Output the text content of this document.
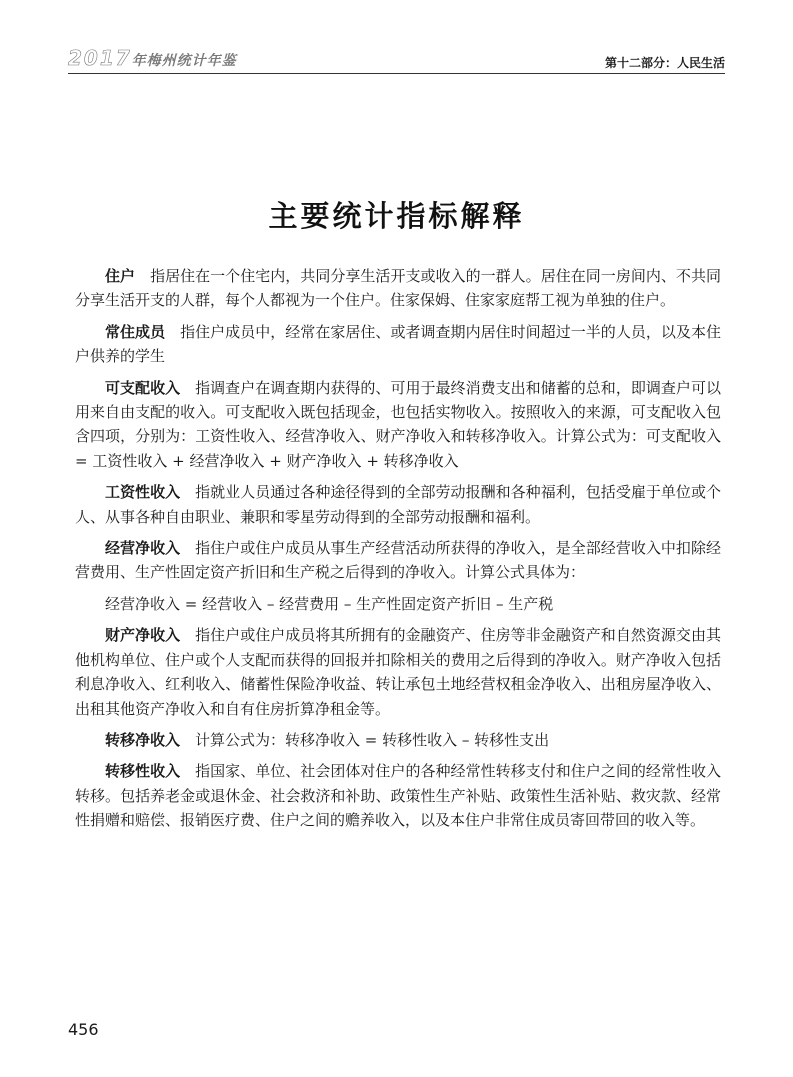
2017年梅州统计年鉴	第十二部分：人民生活
主要统计指标解释

住户 指居住在一个住宅内，共同分享生活开支或收入的一群人。居住在同一房间内、不共同分享生活开支的人群，每个人都视为一个住户。住家保姆、住家家庭帮工视为单独的住户。

常住成员 指住户成员中，经常在家居住、或者调查期内居住时间超过一半的人员，以及本住户供养的学生

可支配收入 指调查户在调查期内获得的、可用于最终消费支出和储蓄的总和，即调查户可以用来自由支配的收入。可支配收入既包括现金，也包括实物收入。按照收入的来源，可支配收入包含四项，分别为：工资性收入、经营净收入、财产净收入和转移净收入。计算公式为：可支配收入 = 工资性收入 + 经营净收入 + 财产净收入 + 转移净收入

工资性收入 指就业人员通过各种途径得到的全部劳动报酬和各种福利，包括受雇于单位或个人、从事各种自由职业、兼职和零星劳动得到的全部劳动报酬和福利。

经营净收入 指住户或住户成员从事生产经营活动所获得的净收入，是全部经营收入中扣除经营费用、生产性固定资产折旧和生产税之后得到的净收入。计算公式具体为：

经营净收入 = 经营收入 – 经营费用 – 生产性固定资产折旧 – 生产税

财产净收入 指住户或住户成员将其所拥有的金融资产、住房等非金融资产和自然资源交由其他机构单位、住户或个人支配而获得的回报并扣除相关的费用之后得到的净收入。财产净收入包括利息净收入、红利收入、储蓄性保险净收益、转让承包土地经营权租金净收入、出租房屋净收入、出租其他资产净收入和自有住房折算净租金等。

转移净收入 计算公式为：转移净收入 = 转移性收入 – 转移性支出

转移性收入 指国家、单位、社会团体对住户的各种经常性转移支付和住户之间的经常性收入转移。包括养老金或退休金、社会救济和补助、政策性生产补贴、政策性生活补贴、救灾款、经常性捐赠和赔偿、报销医疗费、住户之间的赡养收入，以及本住户非常住成员寄回带回的收入等。

456
